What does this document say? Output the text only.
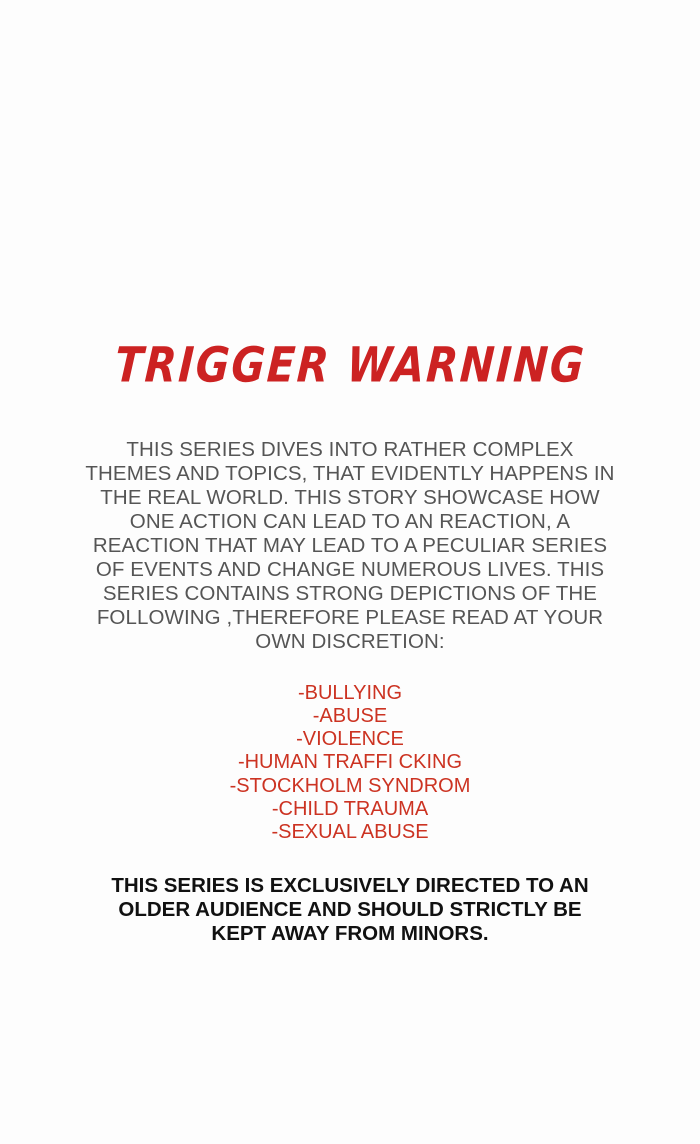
TRIGGER WARNING

THIS SERIES DIVES INTO RATHER COMPLEX THEMES AND TOPICS, THAT EVIDENTLY HAPPENS IN THE REAL WORLD. THIS STORY SHOWCASE HOW ONE ACTION CAN LEAD TO AN REACTION, A REACTION THAT MAY LEAD TO A PECULIAR SERIES OF EVENTS AND CHANGE NUMEROUS LIVES. THIS SERIES CONTAINS STRONG DEPICTIONS OF THE FOLLOWING ,THEREFORE PLEASE READ AT YOUR OWN DISCRETION:

-BULLYING

-ABUSE

-VIOLENCE

-HUMAN TRAFFI CKING

-STOCKHOLM SYNDROM

-CHILD TRAUMA

-SEXUAL ABUSE

THIS SERIES IS EXCLUSIVELY DIRECTED TO AN OLDER AUDIENCE AND SHOULD STRICTLY BE KEPT AWAY FROM MINORS.
